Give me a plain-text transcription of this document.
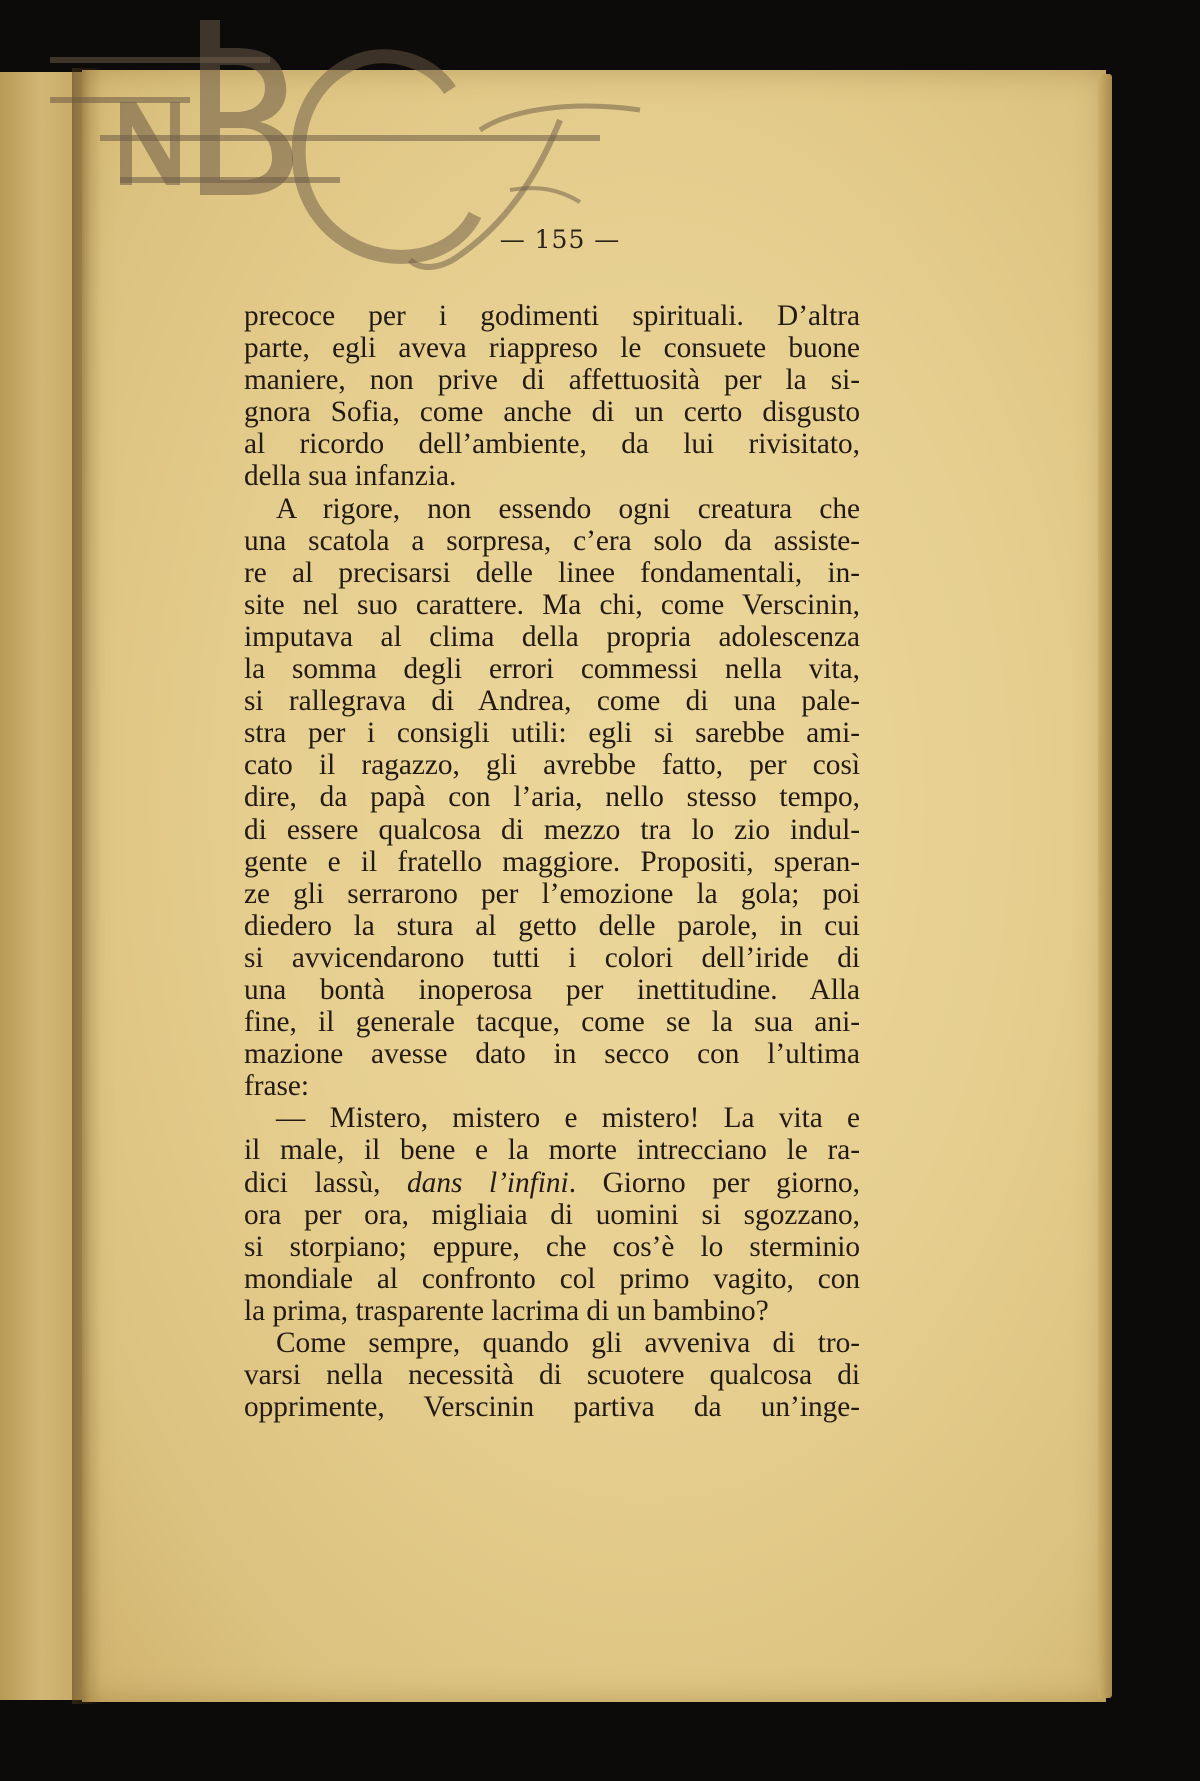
— 155 —

precoce per i godimenti spirituali. D’altra
parte, egli aveva riappreso le consuete buone
maniere, non prive di affettuosità per la si-
gnora Sofia, come anche di un certo disgusto
al ricordo dell’ambiente, da lui rivisitato,
della sua infanzia.

A rigore, non essendo ogni creatura che
una scatola a sorpresa, c’era solo da assiste-
re al precisarsi delle linee fondamentali, in-
site nel suo carattere. Ma chi, come Verscinin,
imputava al clima della propria adolescenza
la somma degli errori commessi nella vita,
si rallegrava di Andrea, come di una pale-
stra per i consigli utili: egli si sarebbe ami-
cato il ragazzo, gli avrebbe fatto, per così
dire, da papà con l’aria, nello stesso tempo,
di essere qualcosa di mezzo tra lo zio indul-
gente e il fratello maggiore. Propositi, speran-
ze gli serrarono per l’emozione la gola; poi
diedero la stura al getto delle parole, in cui
si avvicendarono tutti i colori dell’iride di
una bontà inoperosa per inettitudine. Alla
fine, il generale tacque, come se la sua ani-
mazione avesse dato in secco con l’ultima
frase:

— Mistero, mistero e mistero! La vita e
il male, il bene e la morte intrecciano le ra-
dici lassù, dans l’infini. Giorno per giorno,
ora per ora, migliaia di uomini si sgozzano,
si storpiano; eppure, che cos’è lo sterminio
mondiale al confronto col primo vagito, con
la prima, trasparente lacrima di un bambino?

Come sempre, quando gli avveniva di tro-
varsi nella necessità di scuotere qualcosa di
opprimente, Verscinin partiva da un’inge-
